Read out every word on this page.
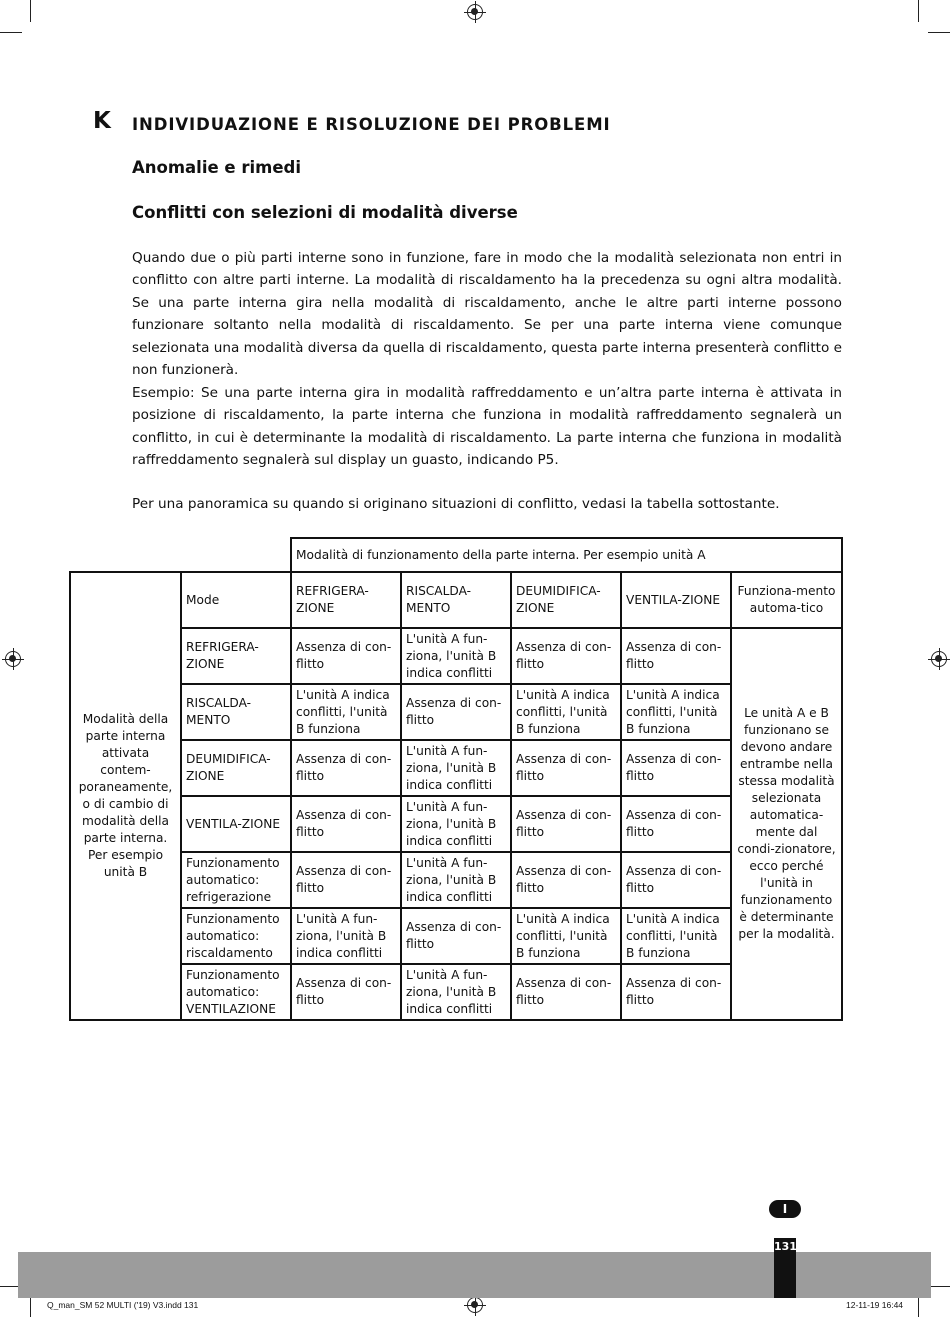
K INDIVIDUAZIONE E RISOLUZIONE DEI PROBLEMI
Anomalie e rimedi
Conflitti con selezioni di modalità diverse

Quando due o più parti interne sono in funzione, fare in modo che la modalità selezionata non entri in conflitto con altre parti interne. La modalità di riscaldamento ha la precedenza su ogni altra modalità. Se una parte interna gira nella modalità di riscaldamento, anche le altre parti interne possono funzionare soltanto nella modalità di riscaldamento. Se per una parte interna viene comunque selezionata una modalità diversa da quella di riscaldamento, questa parte interna presenterà conflitto e non funzionerà.

Esempio: Se una parte interna gira in modalità raffreddamento e un’altra parte interna è attivata in posizione di riscaldamento, la parte interna che funziona in modalità raffreddamento segnalerà un conflitto, in cui è determinante la modalità di riscaldamento. La parte interna che funziona in modalità raffreddamento segnalerà sul display un guasto, indicando P5.

Per una panoramica su quando si originano situazioni di conflitto, vedasi la tabella sottostante.

		Modalità di funzionamento della parte interna. Per esempio unità A				
Modalità della parte interna attivata contem-poraneamente, o di cambio di modalità della parte interna. Per esempio unità B	Mode	REFRIGERA-ZIONE	RISCALDA-MENTO	DEUMIDIFICA-ZIONE	VENTILA-ZIONE	Funziona-mento automa-tico
	REFRIGERA-ZIONE	Assenza di con-flitto	L'unità A fun-ziona, l'unità B indica conflitti	Assenza di con-flitto	Assenza di con-flitto	Le unità A e B funzionano se devono andare entrambe nella stessa modalità selezionata automatica-mente dal condi-zionatore, ecco perché l'unità in funzionamento è determinante per la modalità.
	RISCALDA-MENTO	L'unità A indica conflitti, l'unità B funziona	Assenza di con-flitto	L'unità A indica conflitti, l'unità B funziona	L'unità A indica conflitti, l'unità B funziona	
	DEUMIDIFICA-ZIONE	Assenza di con-flitto	L'unità A fun-ziona, l'unità B indica conflitti	Assenza di con-flitto	Assenza di con-flitto	
	VENTILA-ZIONE	Assenza di con-flitto	L'unità A fun-ziona, l'unità B indica conflitti	Assenza di con-flitto	Assenza di con-flitto	
	Funzionamento automatico: refrigerazione	Assenza di con-flitto	L'unità A fun-ziona, l'unità B indica conflitti	Assenza di con-flitto	Assenza di con-flitto	
	Funzionamento automatico: riscaldamento	L'unità A fun-ziona, l'unità B indica conflitti	Assenza di con-flitto	L'unità A indica conflitti, l'unità B funziona	L'unità A indica conflitti, l'unità B funziona	
	Funzionamento automatico: VENTILAZIONE	Assenza di con-flitto	L'unità A fun-ziona, l'unità B indica conflitti	Assenza di con-flitto	Assenza di con-flitto	
I
131
Q_man_SM 52 MULTI ('19) V3.indd 131	12-11-19 16:44
